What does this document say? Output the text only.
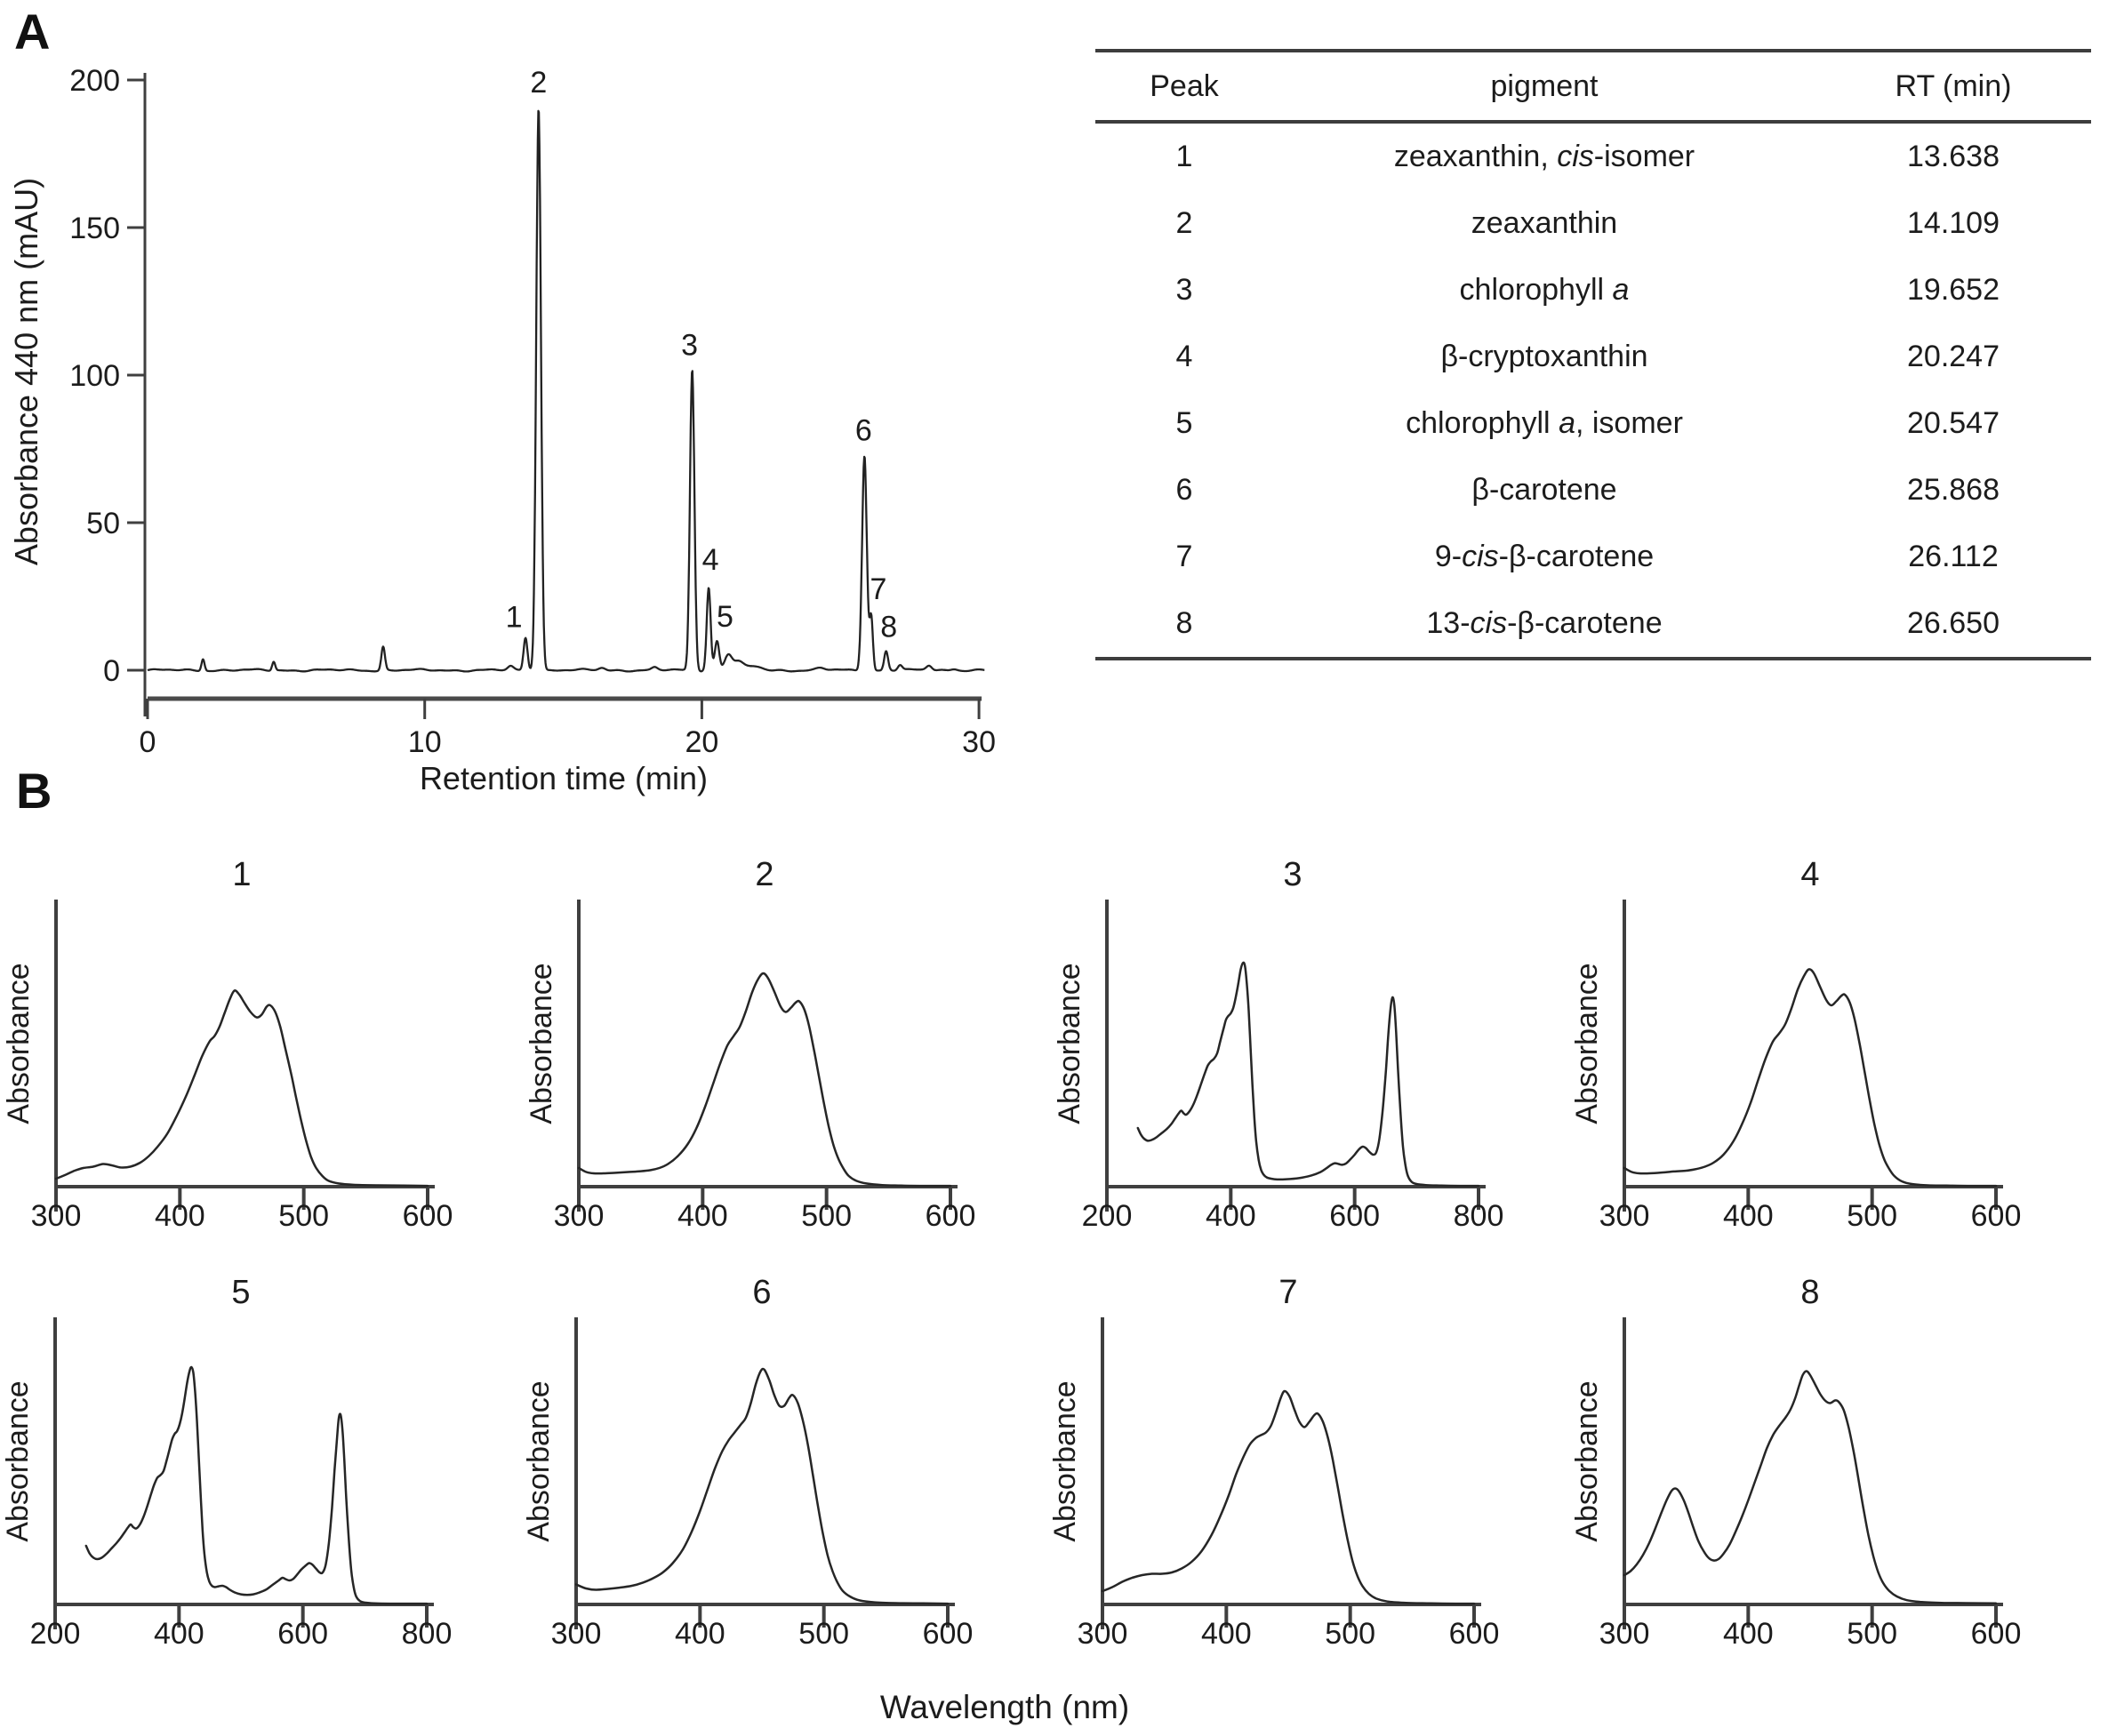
A
0
50
100
150
200
Absorbance 440 nm (mAU)
0	10	20	30
Retention time (min)
1
2
3
4
5
6
7
8
Peak	pigment	RT (min)
1	zeaxanthin, cis-isomer	13.638
2	zeaxanthin	14.109
3	chlorophyll a	19.652
4	β-cryptoxanthin	20.247
5	chlorophyll a, isomer	20.547
6	β-carotene	25.868
7	9-cis-β-carotene	26.112
8	13-cis-β-carotene	26.650
B
1
300 400 500 600
Absorbance
2
300 400 500 600
Absorbance
3
200 400 600 800
Absorbance
4
300 400 500 600
Absorbance
5
200 400 600 800
Absorbance
6
300 400 500 600
Absorbance
7
300 400 500 600
Absorbance
8
300 400 500 600
Absorbance
Wavelength (nm)
